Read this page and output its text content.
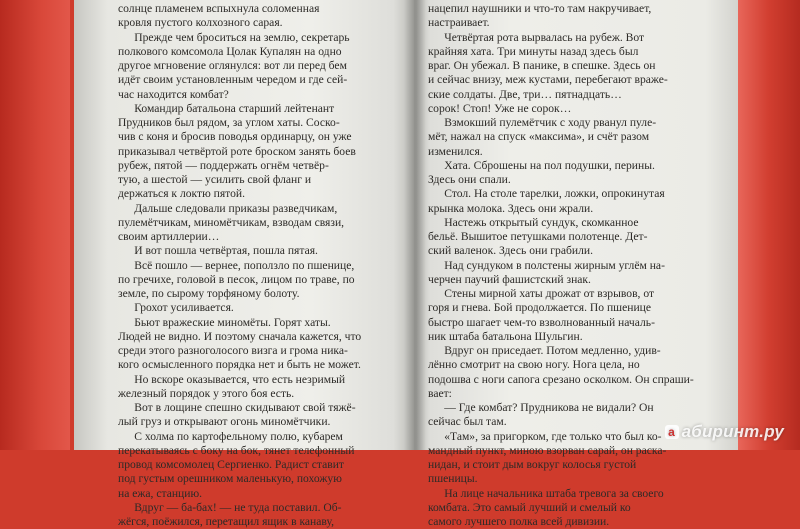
солнце пламенем вспыхнула соломенная
кровля пустого колхозного сарая.

Прежде чем броситься на землю, секретарь
полкового комсомола Цолак Купалян на одно
другое мгновение оглянулся: вот ли перед бем
идёт своим установленным чередом и где сей-
час находится комбат?

Командир батальона старший лейтенант
Прудников был рядом, за углом хаты. Соско-
чив с коня и бросив поводья ординарцу, он уже
приказывал четвёртой роте броском занять боев
рубеж, пятой — поддержать огнём четвёр-
тую, а шестой — усилить свой фланг и
держаться к локтю пятой.

Дальше следовали приказы разведчикам,
пулемётчикам, миномётчикам, взводам связи,
своим артиллерии…

И вот пошла четвёртая, пошла пятая.

Всё пошло — вернее, поползло по пшенице,
по гречихе, головой в песок, лицом по траве, по
земле, по сырому торфяному болоту.

Грохот усиливается.

Бьют вражеские миномёты. Горят хаты.
Людей не видно. И поэтому сначала кажется, что
среди этого разноголосого визга и грома ника-
кого осмысленного порядка нет и быть не может.

Но вскоре оказывается, что есть незримый
железный порядок у этого боя есть.

Вот в лощине спешно скидывают свой тяжё-
лый груз и открывают огонь миномётчики.

С холма по картофельному полю, кубарем
перекатываясь с боку на бок, тянет телефонный
провод комсомолец Сергиенко. Радист ставит
под густым орешником маленькую, похожую
на ежа, станцию.

Вдруг — ба-бах! — не туда поставил. Об-
жёгся, поёжился, перетащил ящик в канаву,

нацепил наушники и что-то там накручивает,
настраивает.

Четвёртая рота вырвалась на рубеж. Вот
крайняя хата. Три минуты назад здесь был
враг. Он убежал. В панике, в спешке. Здесь он
и сейчас внизу, меж кустами, перебегают враже-
ские солдаты. Две, три… пятнадцать…
сорок! Стоп! Уже не сорок…

Взмокший пулемётчик с ходу рванул пуле-
мёт, нажал на спуск «максима», и счёт разом
изменился.

Хата. Сброшены на пол подушки, перины.
Здесь они спали.

Стол. На столе тарелки, ложки, опрокинутая
крынка молока. Здесь они жрали.

Настежь открытый сундук, скомканное
бельё. Вышитое петушками полотенце. Дет-
ский валенок. Здесь они грабили.

Над сундуком в полстены жирным углём на-
черчен паучий фашистский знак.

Стены мирной хаты дрожат от взрывов, от
горя и гнева. Бой продолжается. По пшенице
быстро шагает чем-то взволнованный началь-
ник штаба батальона Шульгин.

Вдруг он приседает. Потом медленно, удив-
лённо смотрит на свою ногу. Нога цела, но
подошва с ноги сапога срезано осколком. Он спраши-
вает:

— Где комбат? Прудникова не видали? Он
сейчас был там.

«Там», за пригорком, где только что был ко-
мандный пункт, миною взорван сарай, он раска-
нидан, и стоит дым вокруг колосья густой
пшеницы.

На лице начальника штаба тревога за своего
комбата. Это самый лучший и смелый ко
самого лучшего полка всей дивизии.

a абиринт.ру
